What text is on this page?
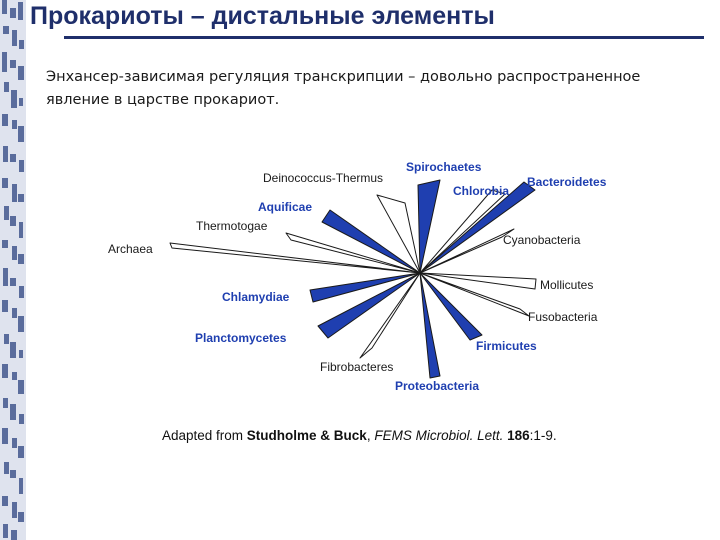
Прокариоты – дистальные элементы

Энхансер-зависимая регуляция транскрипции – довольно распространенное явление в царстве прокариот.

Spirochaetes
Deinococcus-Thermus
Chlorobia
Bacteroidetes
Aquificae
Thermotogae
Archaea
Cyanobacteria
Mollicutes
Chlamydiae
Fusobacteria
Planctomycetes
Firmicutes
Fibrobacteres
Proteobacteria

Adapted from Studholme & Buck, FEMS Microbiol. Lett. 186:1-9.
